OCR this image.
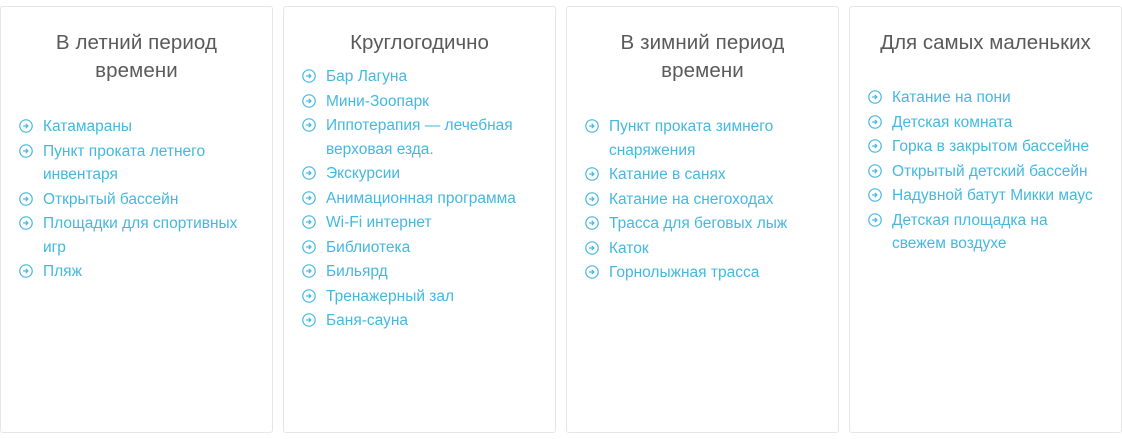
В летний период времени
Катамараны
Пункт проката летнего инвентаря
Открытый бассейн
Площадки для спортивных игр
Пляж
Круглогодично
Бар Лагуна
Мини-Зоопарк
Иппотерапия — лечебная верховая езда.
Экскурсии
Анимационная программа
Wi-Fi интернет
Библиотека
Бильярд
Тренажерный зал
Баня-сауна
В зимний период времени
Пункт проката зимнего снаряжения
Катание в санях
Катание на снегоходах
Трасса для беговых лыж
Каток
Горнолыжная трасса
Для самых маленьких
Катание на пони
Детская комната
Горка в закрытом бассейне
Открытый детский бассейн
Надувной батут Микки маус
Детская площадка на свежем воздухе
